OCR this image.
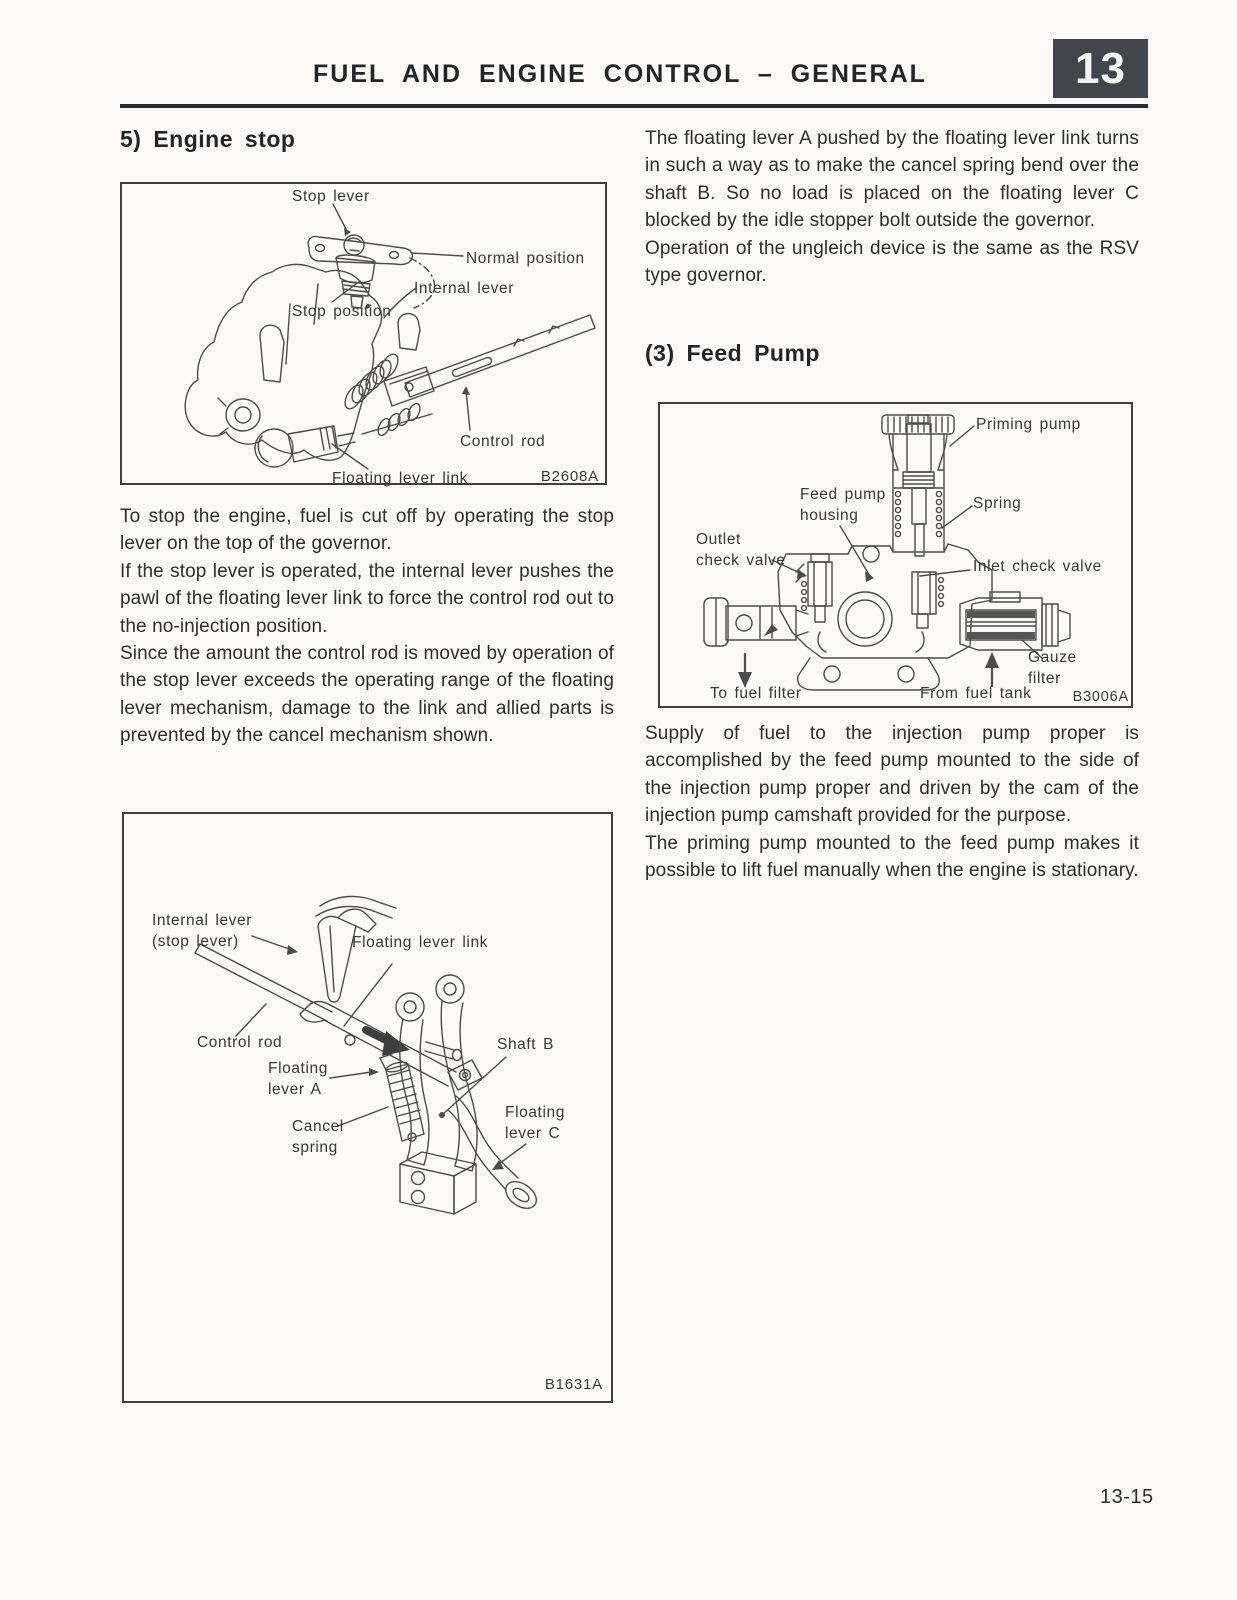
FUEL AND ENGINE CONTROL – GENERAL	13
5) Engine stop
Stop lever
Normal position
Internal lever
Stop position
Control rod
Floating lever link	B2608A

To stop the engine, fuel is cut off by operating the stop lever on the top of the governor.

If the stop lever is operated, the internal lever pushes the pawl of the floating lever link to force the control rod out to the no-injection position.

Since the amount the control rod is moved by operation of the stop lever exceeds the operating range of the floating lever mechanism, damage to the link and allied parts is prevented by the cancel mechanism shown.

Internal lever
(stop lever)	Floating lever link
Control rod
Floating
lever A
Cancel
spring
Shaft B
Floating
lever C
B1631A

The floating lever A pushed by the floating lever link turns in such a way as to make the cancel spring bend over the shaft B. So no load is placed on the floating lever C blocked by the idle stopper bolt outside the governor.

Operation of the ungleich device is the same as the RSV type governor.

(3) Feed Pump
Priming pump
Feed pump
housing
Spring
Outlet
check valve	Inlet check valve
To fuel filter	From fuel tank
Gauze
filter
B3006A

Supply of fuel to the injection pump proper is accomplished by the feed pump mounted to the side of the injection pump proper and driven by the cam of the injection pump camshaft provided for the purpose.

The priming pump mounted to the feed pump makes it possible to lift fuel manually when the engine is stationary.

13-15
